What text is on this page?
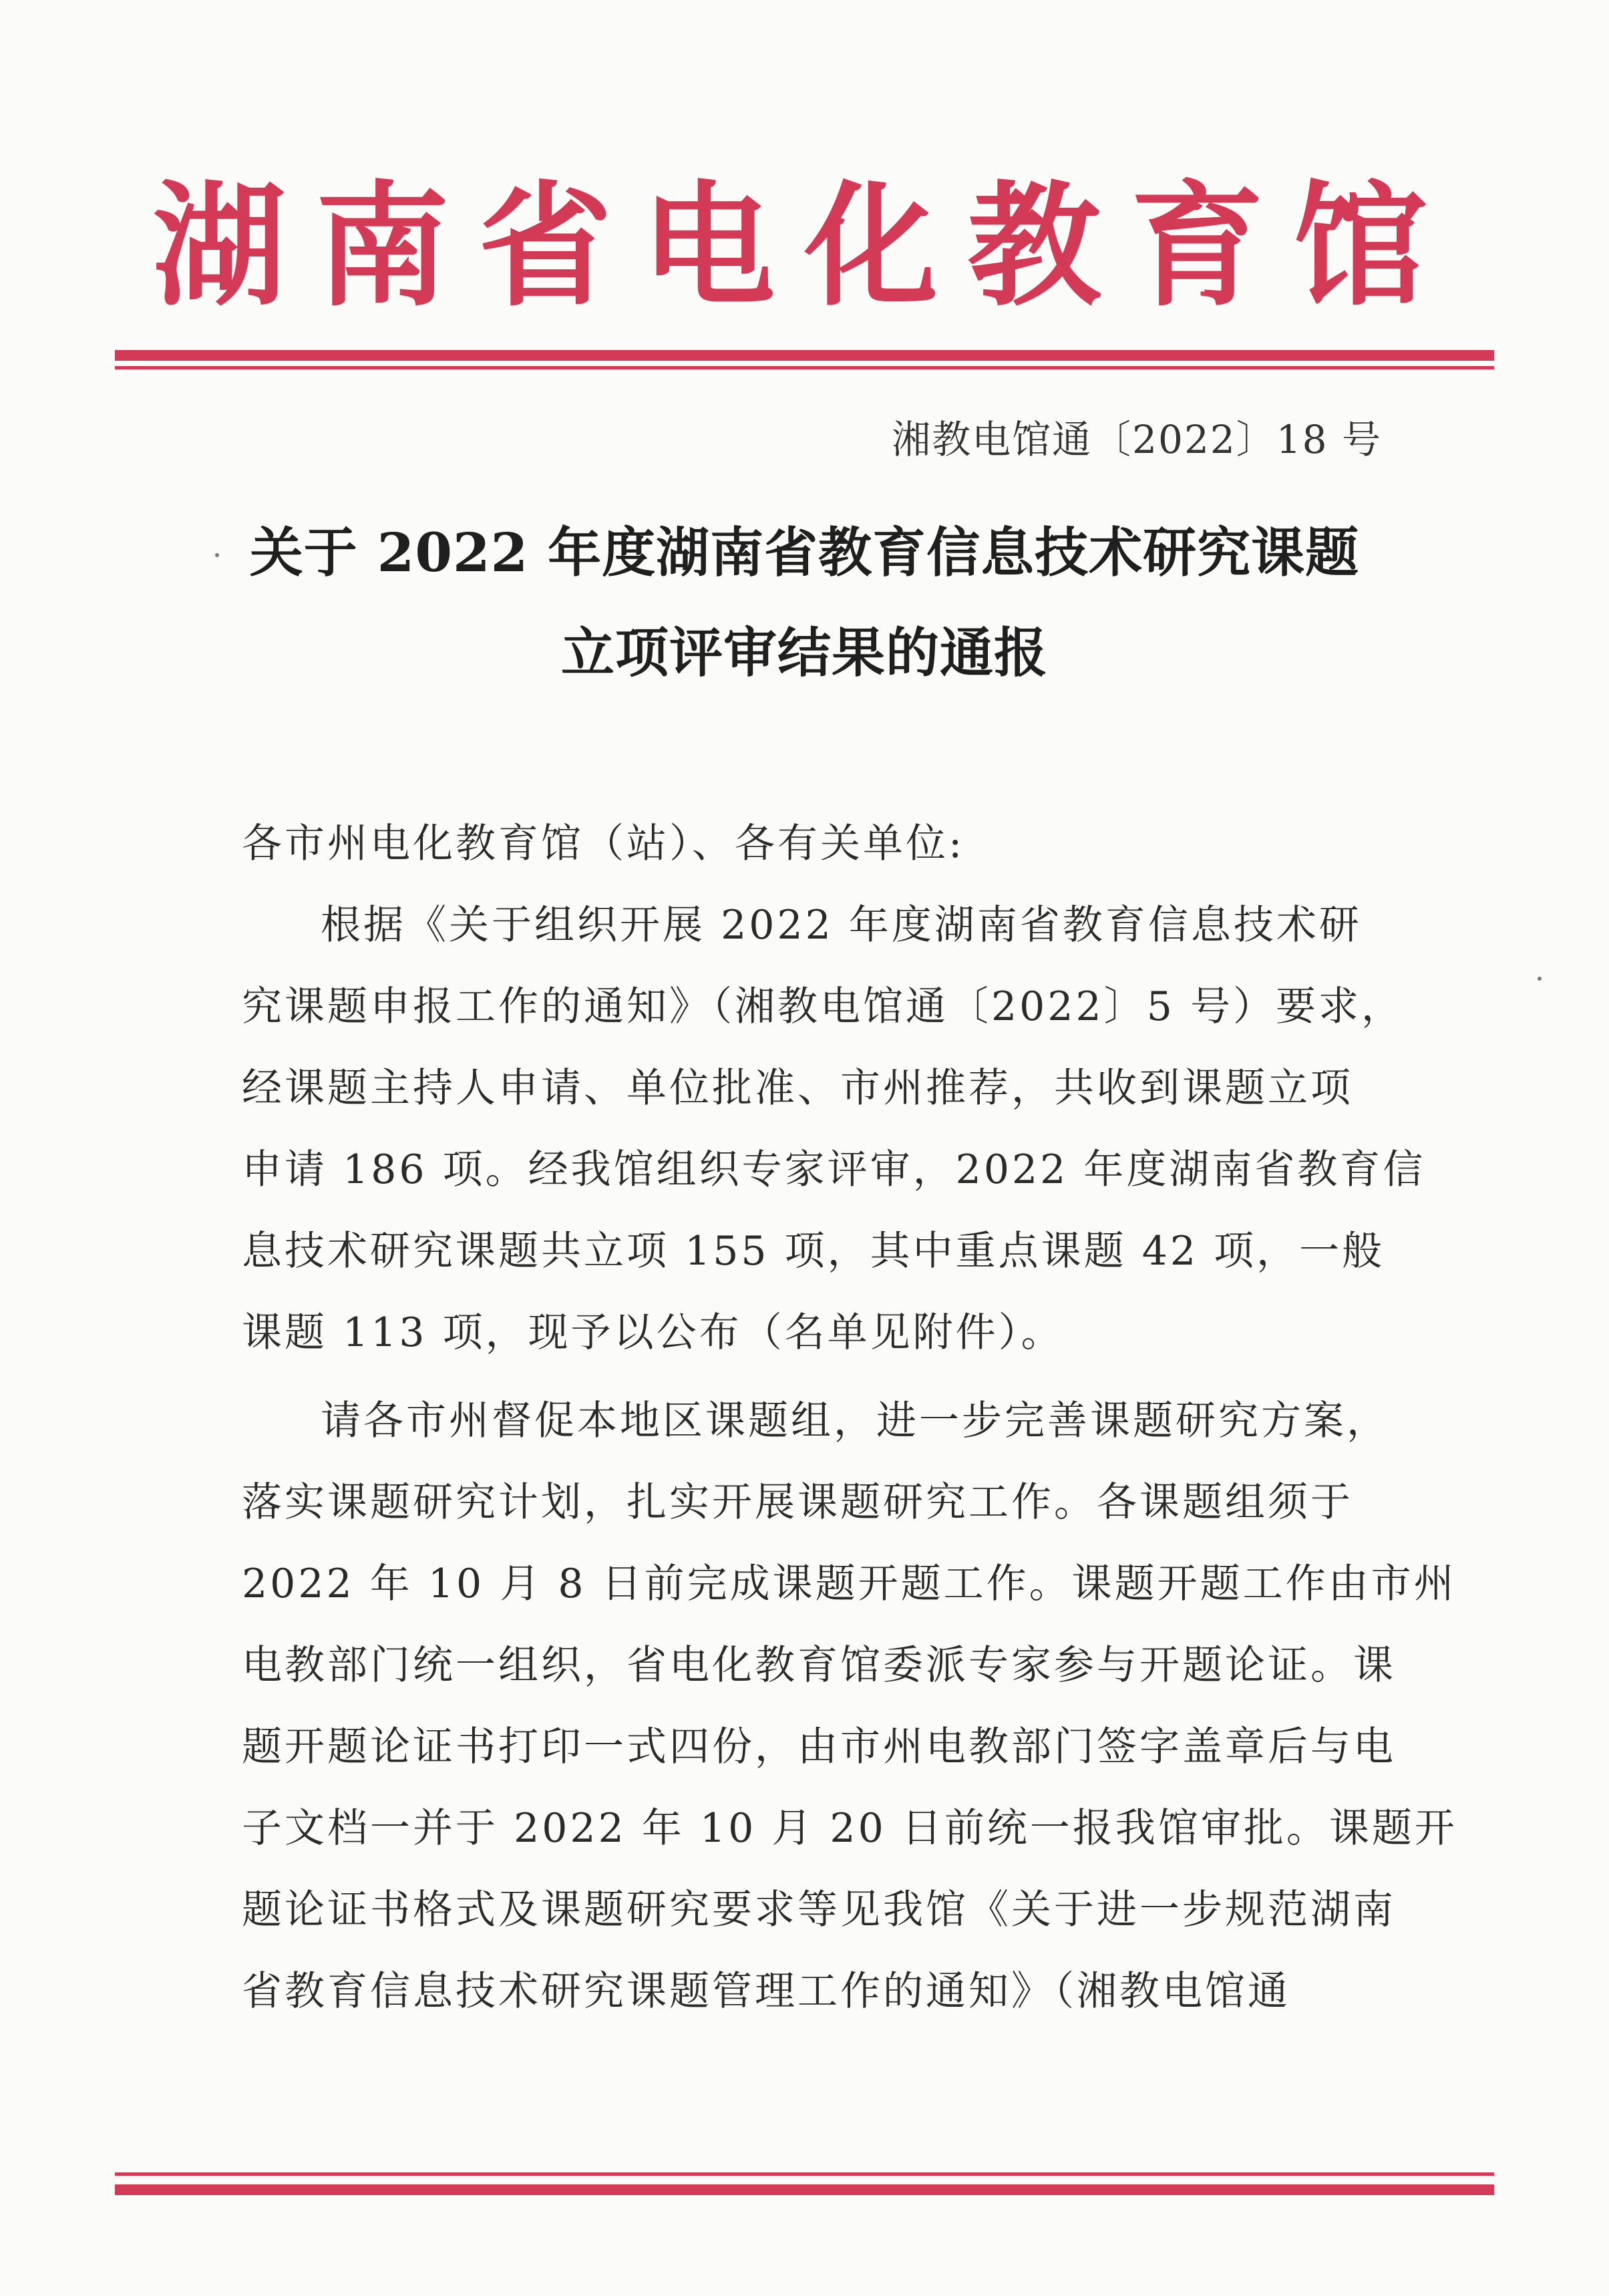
湖南省电化教育馆
湘教电馆通〔2022〕18 号
关于 2022 年度湖南省教育信息技术研究课题
立项评审结果的通报
各市州电化教育馆（站）、各有关单位:
根据《关于组织开展 2022 年度湖南省教育信息技术研
究课题申报工作的通知》（湘教电馆通〔2022〕5 号）要求，
经课题主持人申请、单位批准、市州推荐，共收到课题立项
申请 186 项。经我馆组织专家评审，2022 年度湖南省教育信
息技术研究课题共立项 155 项，其中重点课题 42 项，一般
课题 113 项，现予以公布（名单见附件）。
请各市州督促本地区课题组，进一步完善课题研究方案，
落实课题研究计划，扎实开展课题研究工作。各课题组须于
2022 年 10 月 8 日前完成课题开题工作。课题开题工作由市州
电教部门统一组织，省电化教育馆委派专家参与开题论证。课
题开题论证书打印一式四份，由市州电教部门签字盖章后与电
子文档一并于 2022 年 10 月 20 日前统一报我馆审批。课题开
题论证书格式及课题研究要求等见我馆《关于进一步规范湖南
省教育信息技术研究课题管理工作的通知》（湘教电馆通
